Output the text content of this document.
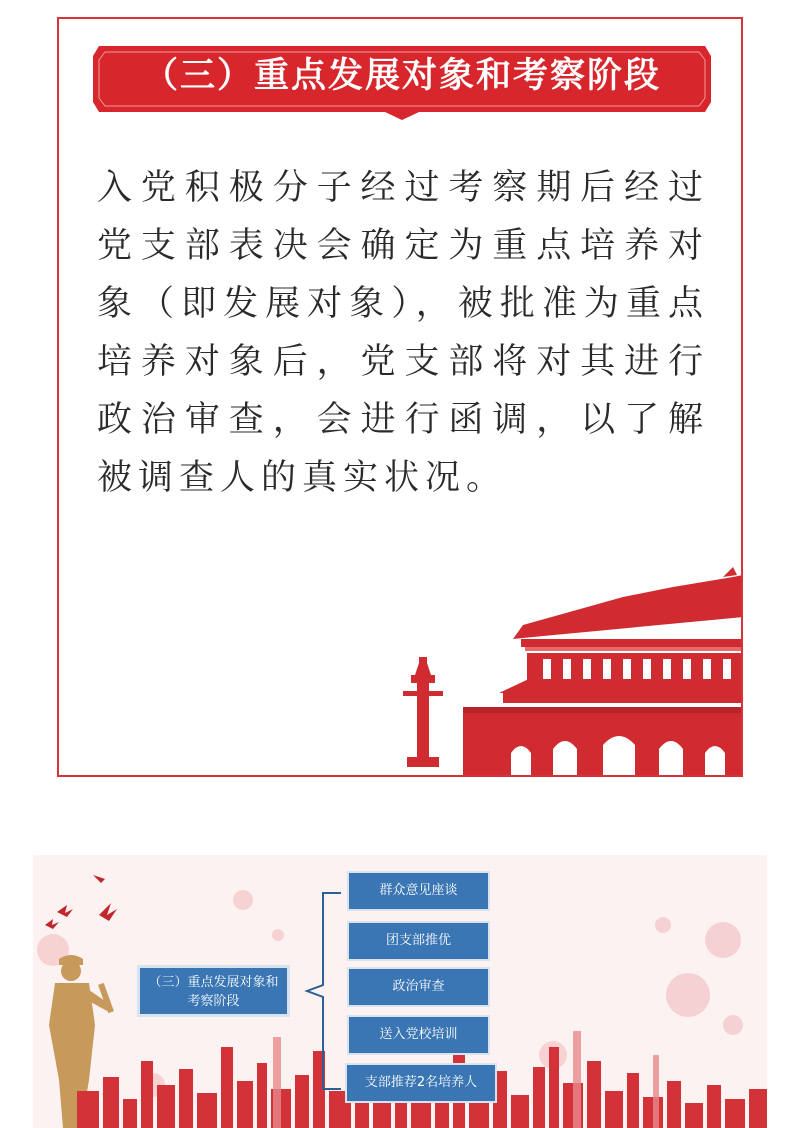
（三）重点发展对象和考察阶段
入党积极分子经过考察期后经过党支部表决会确定为重点培养对象（即发展对象），被批准为重点培养对象后，党支部将对其进行政治审查，会进行函调，以了解被调查人的真实状况。
（三）重点发展对象和考察阶段
群众意见座谈
团支部推优
政治审查
送入党校培训
支部推荐2名培养人
